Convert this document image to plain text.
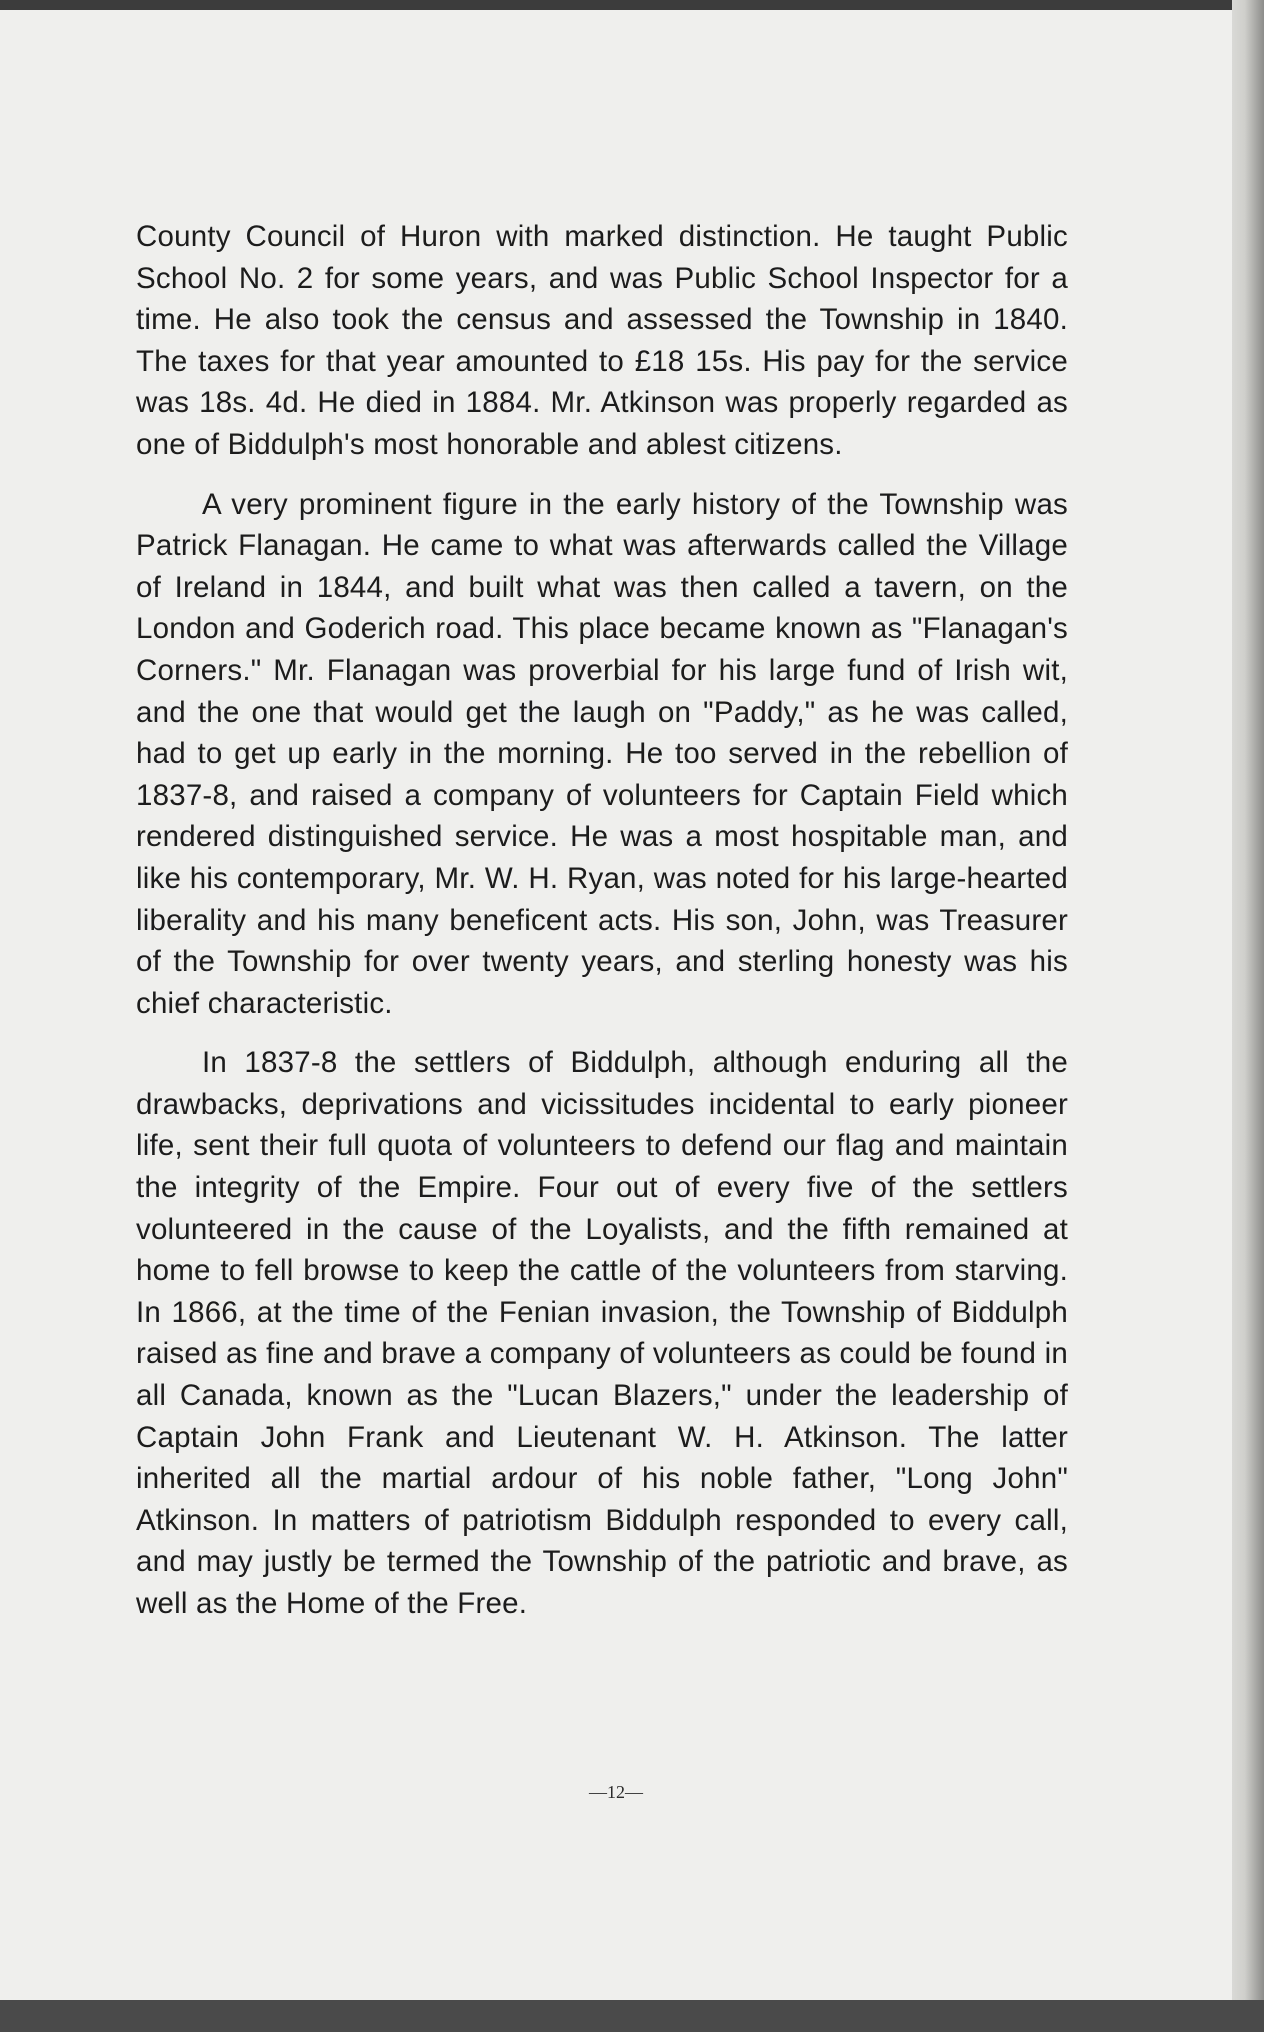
County Council of Huron with marked distinction. He taught Public School No. 2 for some years, and was Public School Inspector for a time. He also took the census and assessed the Township in 1840. The taxes for that year amounted to £18 15s. His pay for the service was 18s. 4d. He died in 1884. Mr. Atkinson was properly regarded as one of Biddulph's most honorable and ablest citizens.

A very prominent figure in the early history of the Township was Patrick Flanagan. He came to what was afterwards called the Village of Ireland in 1844, and built what was then called a tavern, on the London and Goderich road. This place became known as "Flanagan's Corners." Mr. Flanagan was proverbial for his large fund of Irish wit, and the one that would get the laugh on "Paddy," as he was called, had to get up early in the morning. He too served in the rebellion of 1837-8, and raised a company of volunteers for Captain Field which rendered distinguished service. He was a most hospitable man, and like his contemporary, Mr. W. H. Ryan, was noted for his large-hearted liberality and his many beneficent acts. His son, John, was Treasurer of the Township for over twenty years, and sterling honesty was his chief characteristic.

In 1837-8 the settlers of Biddulph, although enduring all the drawbacks, deprivations and vicissitudes incidental to early pioneer life, sent their full quota of volunteers to defend our flag and maintain the integrity of the Empire. Four out of every five of the settlers volunteered in the cause of the Loyalists, and the fifth remained at home to fell browse to keep the cattle of the volunteers from starving. In 1866, at the time of the Fenian invasion, the Township of Biddulph raised as fine and brave a company of volunteers as could be found in all Canada, known as the "Lucan Blazers," under the leadership of Captain John Frank and Lieutenant W. H. Atkinson. The latter inherited all the martial ardour of his noble father, "Long John" Atkinson. In matters of patriotism Biddulph responded to every call, and may justly be termed the Township of the patriotic and brave, as well as the Home of the Free.

—12—
